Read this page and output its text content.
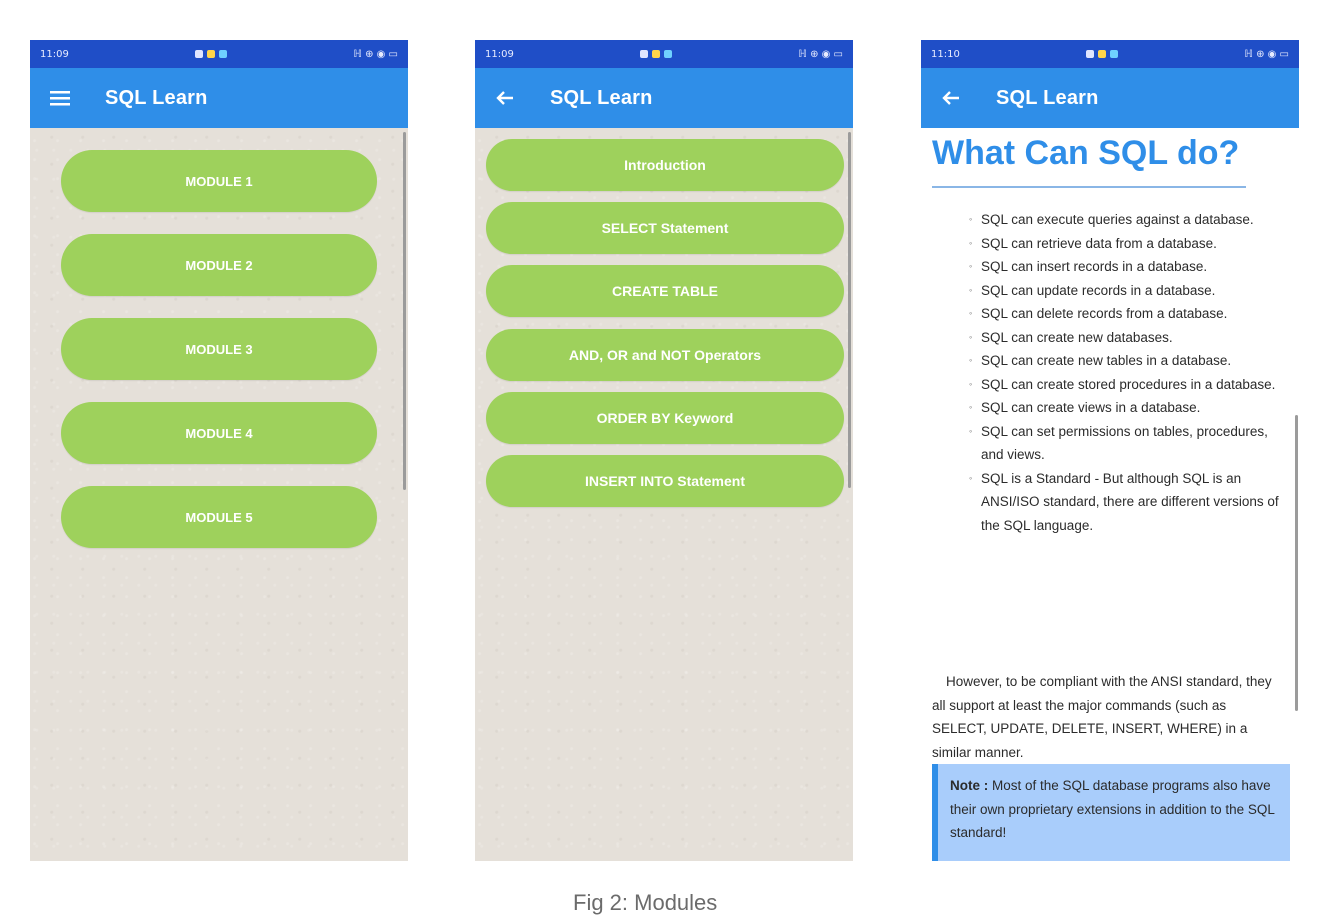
11:09	ℍ ⊕ ◉ ▭
SQL Learn
MODULE 1
MODULE 2
MODULE 3
MODULE 4
MODULE 5
11:09	ℍ ⊕ ◉ ▭
SQL Learn
Introduction
SELECT Statement
CREATE TABLE
AND, OR and NOT Operators
ORDER BY Keyword
INSERT INTO Statement
11:10	ℍ ⊕ ◉ ▭
SQL Learn
What Can SQL do?
◦ SQL can execute queries against a database.
◦ SQL can retrieve data from a database.
◦ SQL can insert records in a database.
◦ SQL can update records in a database.
◦ SQL can delete records from a database.
◦ SQL can create new databases.
◦ SQL can create new tables in a database.
◦ SQL can create stored procedures in a database.
◦ SQL can create views in a database.
◦ SQL can set permissions on tables, procedures, and views.
◦ SQL is a Standard - But although SQL is an ANSI/ISO standard, there are different versions of the SQL language.

However, to be compliant with the ANSI standard, they all support at least the major commands (such as SELECT, UPDATE, DELETE, INSERT, WHERE) in a similar manner.

Note : Most of the SQL database programs also have their own proprietary extensions in addition to the SQL standard!
Fig 2: Modules
